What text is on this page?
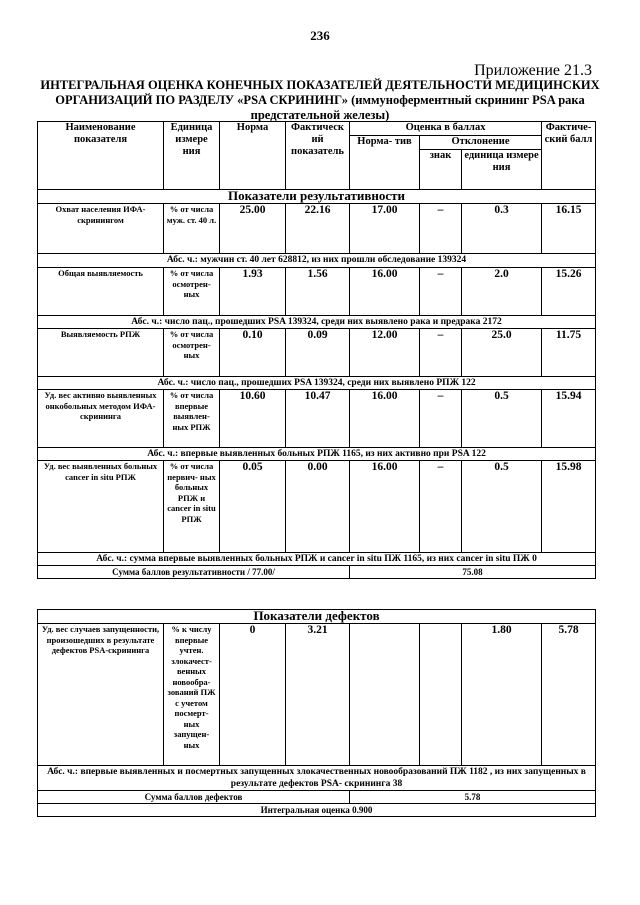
236
Приложение 21.3
ИНТЕГРАЛЬНАЯ ОЦЕНКА КОНЕЧНЫХ ПОКАЗАТЕЛЕЙ ДЕЯТЕЛЬНОСТИ МЕДИЦИНСКИХ ОРГАНИЗАЦИЙ ПО РАЗДЕЛУ «PSA СКРИНИНГ» (иммуноферментный скрининг PSA рака предстательной железы)
Наименование показателя	Единица измере ния	Норма	Фактическ ий показатель	Оценка в баллах			Фактиче- ский балл
				Норма- тив	Отклонение		
					знак	единица измере ния	
Показатели результативности							
Охват населения ИФА-скринингом	% от числа муж. ст. 40 л.	25.00	22.16	17.00	–	0.3	16.15
Абс. ч.: мужчин ст. 40 лет 628812, из них прошли обследование 139324							
Общая выявляемость	% от числа осмотрен- ных	1.93	1.56	16.00	–	2.0	15.26
Абс. ч.: число пац., прошедших PSA 139324, среди них выявлено рака и предрака 2172							
Выявляемость РПЖ	% от числа осмотрен- ных	0.10	0.09	12.00	–	25.0	11.75
Абс. ч.: число пац., прошедших PSA 139324, среди них выявлено РПЖ 122							
Уд. вес активно выявленных онкобольных методом ИФА-скрининга	% от числа впервые выявлен- ных РПЖ	10.60	10.47	16.00	–	0.5	15.94
Абс. ч.: впервые выявленных больных РПЖ 1165, из них активно при PSA 122							
Уд. вес выявленных больных cancer in situ РПЖ	% от числа первич- ных больных РПЖ и cancer in situ РПЖ	0.05	0.00	16.00	–	0.5	15.98
Абс. ч.: сумма впервые выявленных больных РПЖ и cancer in situ ПЖ 1165, из них cancer in situ ПЖ 0							
Сумма баллов результативности / 77.00/				75.08			

Показатели дефектов							
Уд. вес случаев запущенности, произошедших в результате дефектов PSA-скрининга	% к числу впервые учтен. злокачест- венных новообра- зований ПЖ с учетом посмерт- ных запущен- ных	0	3.21			1.80	5.78
Абс. ч.: впервые выявленных и посмертных запущенных злокачественных новообразований ПЖ 1182 , из них запущенных в результате дефектов PSA- скрининга 38							
Сумма баллов дефектов				5.78			
Интегральная оценка 0.900							
